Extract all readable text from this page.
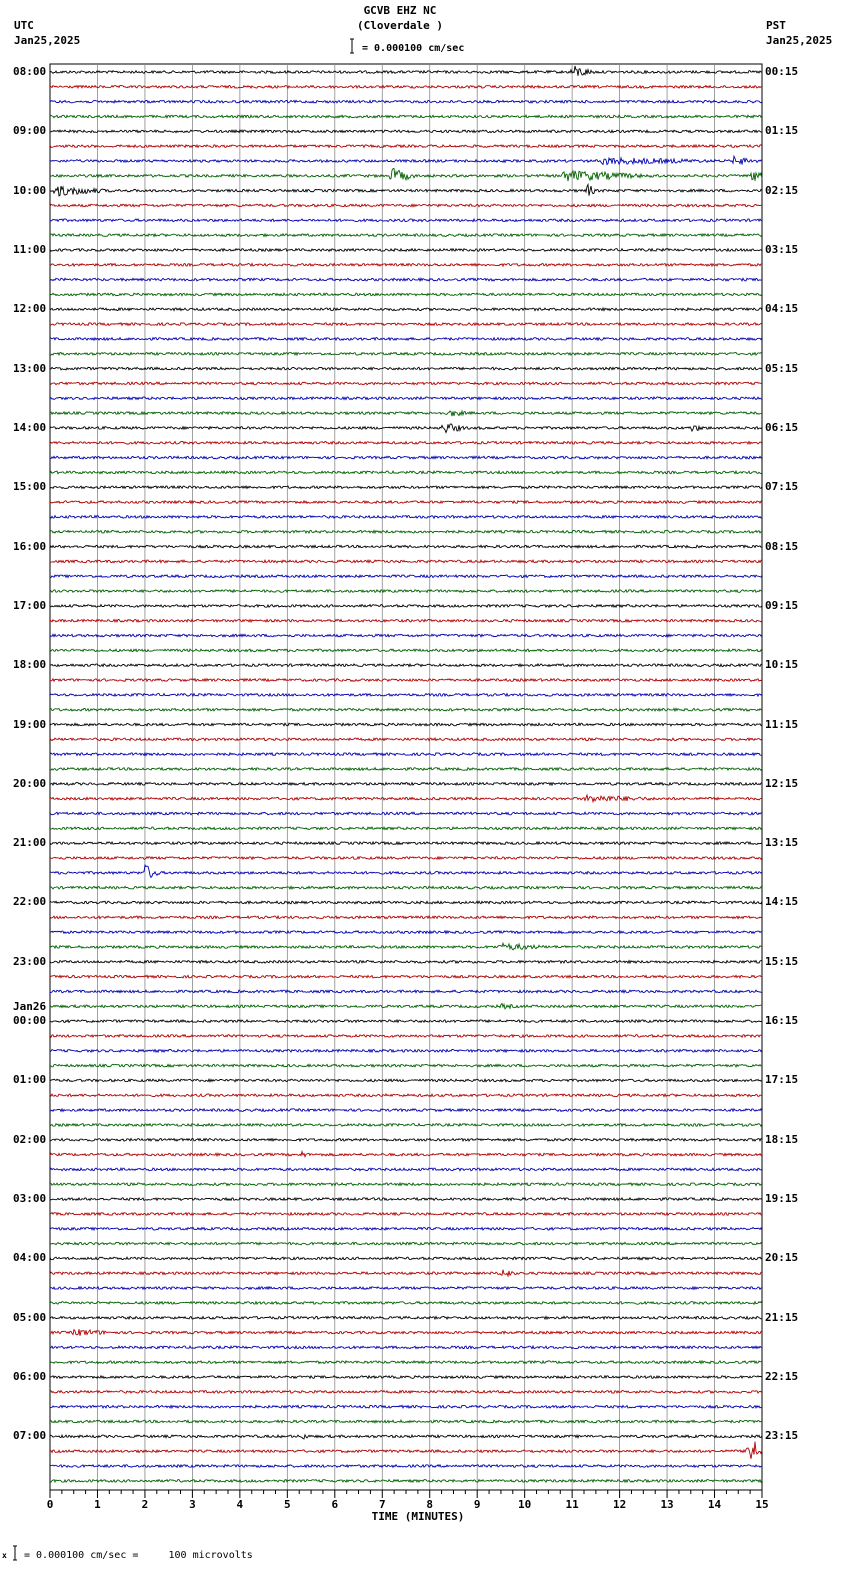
GCVB EHZ NC
(Cloverdale )
= 0.000100 cm/sec
UTC
Jan25,2025
PST
Jan25,2025
08:00
09:00
10:00
11:00
12:00
13:00
14:00
15:00
16:00
17:00
18:00
19:00
20:00
21:00
22:00
23:00
00:00
Jan26
01:00
02:00
03:00
04:00
05:00
06:00
07:00
00:15
01:15
02:15
03:15
04:15
05:15
06:15
07:15
08:15
09:15
10:15
11:15
12:15
13:15
14:15
15:15
16:15
17:15
18:15
19:15
20:15
21:15
22:15
23:15
0	1	2	3	4	5	6	7	8	9	10	11	12	13	14	15
TIME (MINUTES)
x = 0.000100 cm/sec =     100 microvolts
